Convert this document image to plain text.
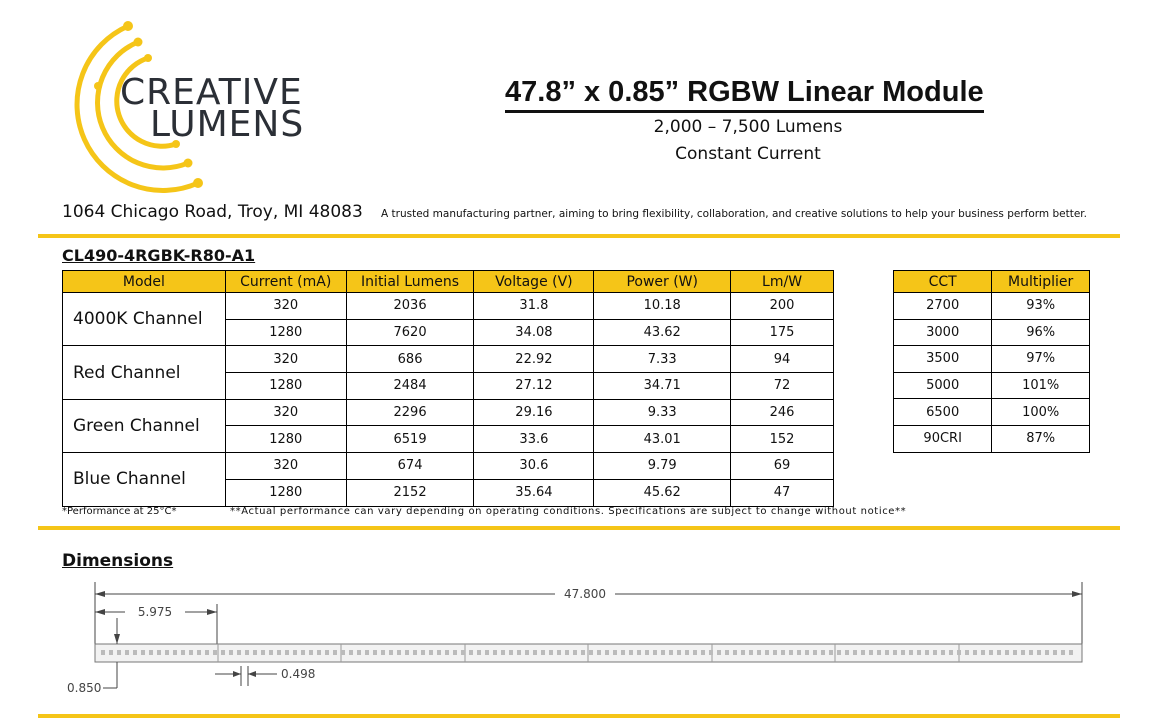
CREATIVE
LUMENS
47.8” x 0.85” RGBW Linear Module
2,000 – 7,500 Lumens
Constant Current
1064 Chicago Road, Troy, MI 48083 A trusted manufacturing partner, aiming to bring flexibility, collaboration, and creative solutions to help your business perform better.
CL490-4RGBK-R80-A1
Model	Current (mA)	Initial Lumens	Voltage (V)	Power (W)	Lm/W
4000K Channel	320	2036	31.8	10.18	200
	1280	7620	34.08	43.62	175
Red Channel	320	686	22.92	7.33	94
	1280	2484	27.12	34.71	72
Green Channel	320	2296	29.16	9.33	246
	1280	6519	33.6	43.01	152
Blue Channel	320	674	30.6	9.79	69
	1280	2152	35.64	45.62	47
CCT	Multiplier
2700	93%
3000	96%
3500	97%
5000	101%
6500	100%
90CRI	87%
*Performance at 25°C*	**Actual performance can vary depending on operating conditions. Specifications are subject to change without notice**
Dimensions
47.800
5.975
0.850
0.498
